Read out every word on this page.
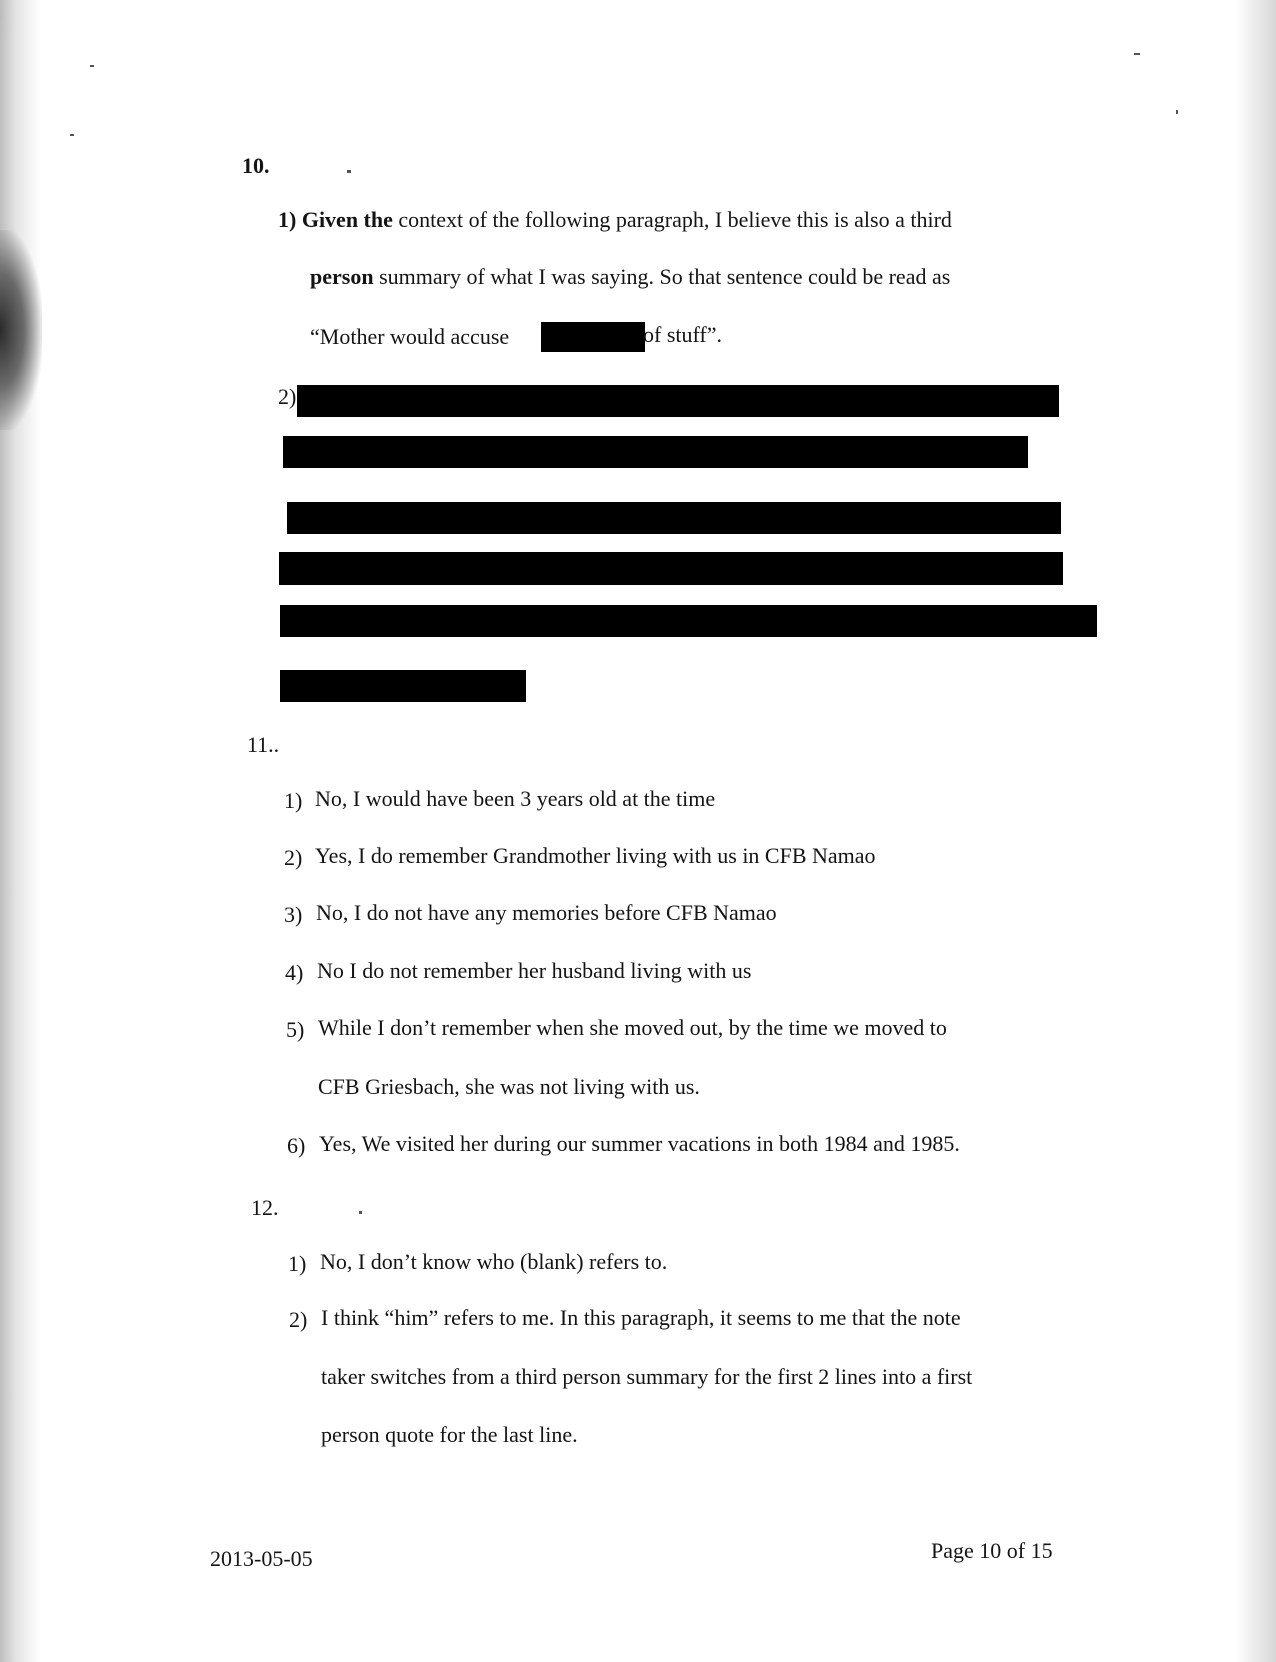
10.
1) Given the context of the following paragraph, I believe this is also a third
person summary of what I was saying. So that sentence could be read as
“Mother would accuse	of stuff”.
2)
11..
1) No, I would have been 3 years old at the time
2) Yes, I do remember Grandmother living with us in CFB Namao
3) No, I do not have any memories before CFB Namao
4) No I do not remember her husband living with us
5) While I don’t remember when she moved out, by the time we moved to
CFB Griesbach, she was not living with us.
6) Yes, We visited her during our summer vacations in both 1984 and 1985.
12.
1) No, I don’t know who (blank) refers to.
2) I think “him” refers to me. In this paragraph, it seems to me that the note
taker switches from a third person summary for the first 2 lines into a first
person quote for the last line.
2013-05-05	Page 10 of 15
